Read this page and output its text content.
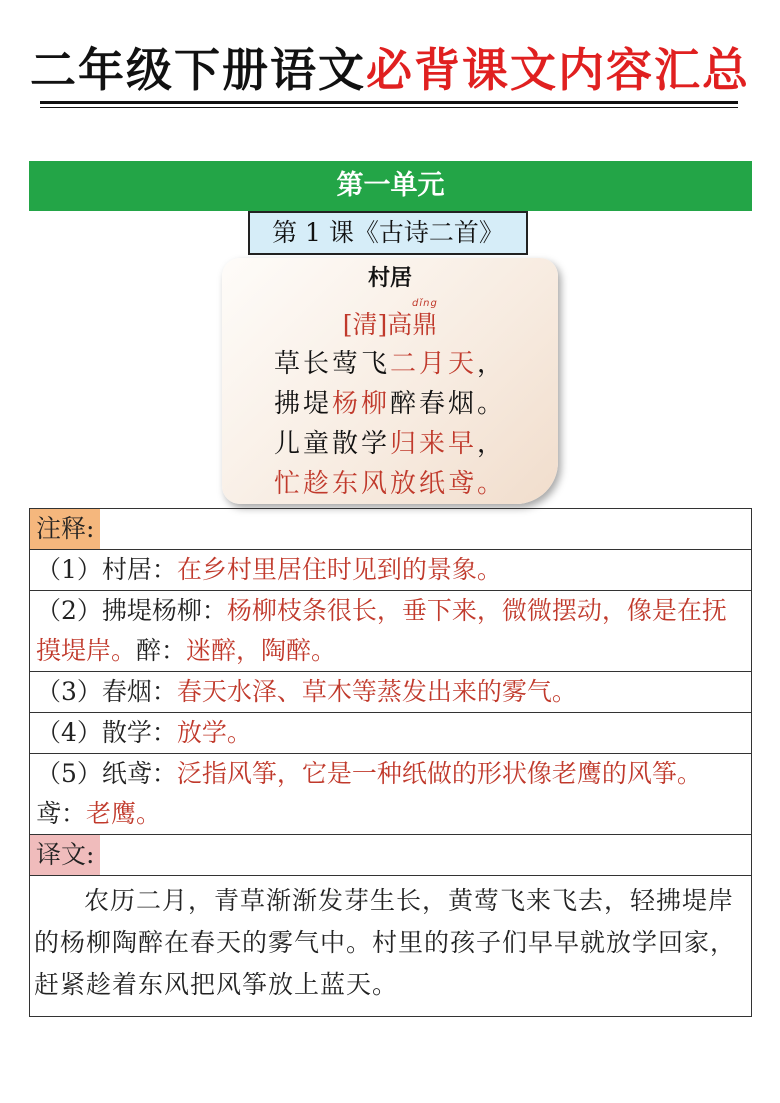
二年级下册语文必背课文内容汇总
第一单元
第 1 课《古诗二首》
村居
dǐng
[清]高鼎
草长莺飞二月天，
拂堤杨柳醉春烟。
儿童散学归来早，
忙趁东风放纸鸢。
注释:
（1）村居：在乡村里居住时见到的景象。
（2）拂堤杨柳：杨柳枝条很长，垂下来，微微摆动，像是在抚摸堤岸。醉：迷醉，陶醉。
（3）春烟：春天水泽、草木等蒸发出来的雾气。
（4）散学：放学。
（5）纸鸢：泛指风筝，它是一种纸做的形状像老鹰的风筝。鸢：老鹰。
译文:
农历二月，青草渐渐发芽生长，黄莺飞来飞去，轻拂堤岸的杨柳陶醉在春天的雾气中。村里的孩子们早早就放学回家，赶紧趁着东风把风筝放上蓝天。
